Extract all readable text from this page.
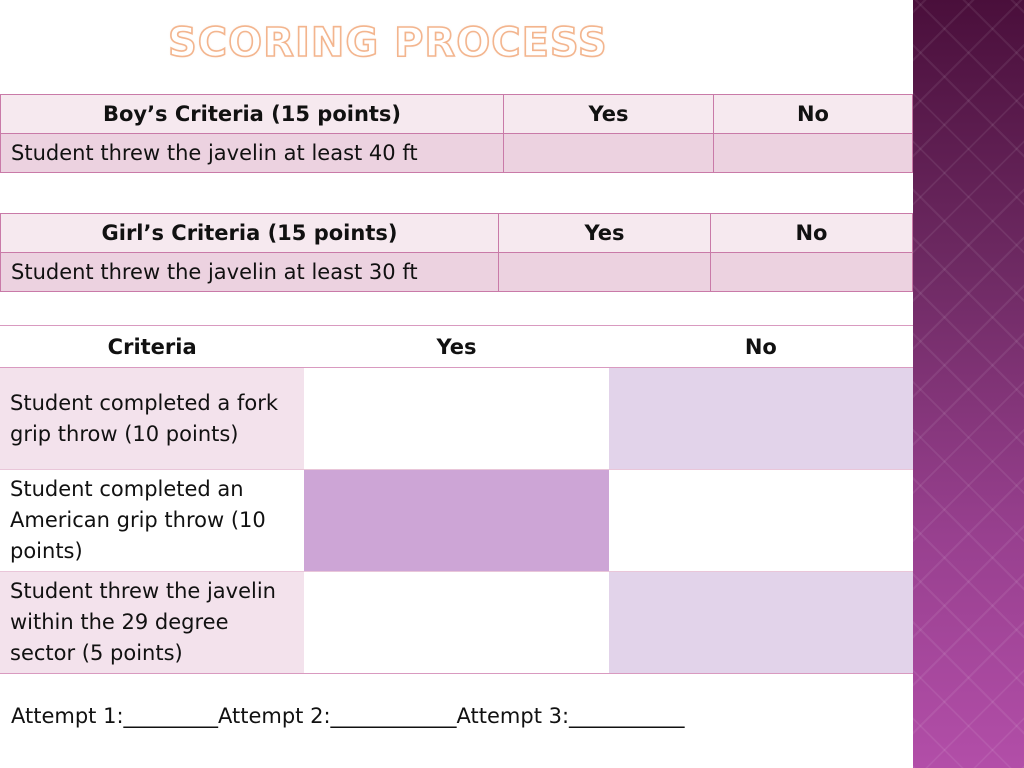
SCORING PROCESS
Boy’s Criteria (15 points)	Yes	No
Student threw the javelin at least 40 ft		
Girl’s Criteria (15 points)	Yes	No
Student threw the javelin at least 30 ft		
Criteria	Yes	No
Student completed a fork grip throw (10 points)		
Student completed an American grip throw (10 points)		
Student threw the javelin within the 29 degree sector (5 points)		
Attempt 1:_________Attempt 2:____________Attempt 3:___________
